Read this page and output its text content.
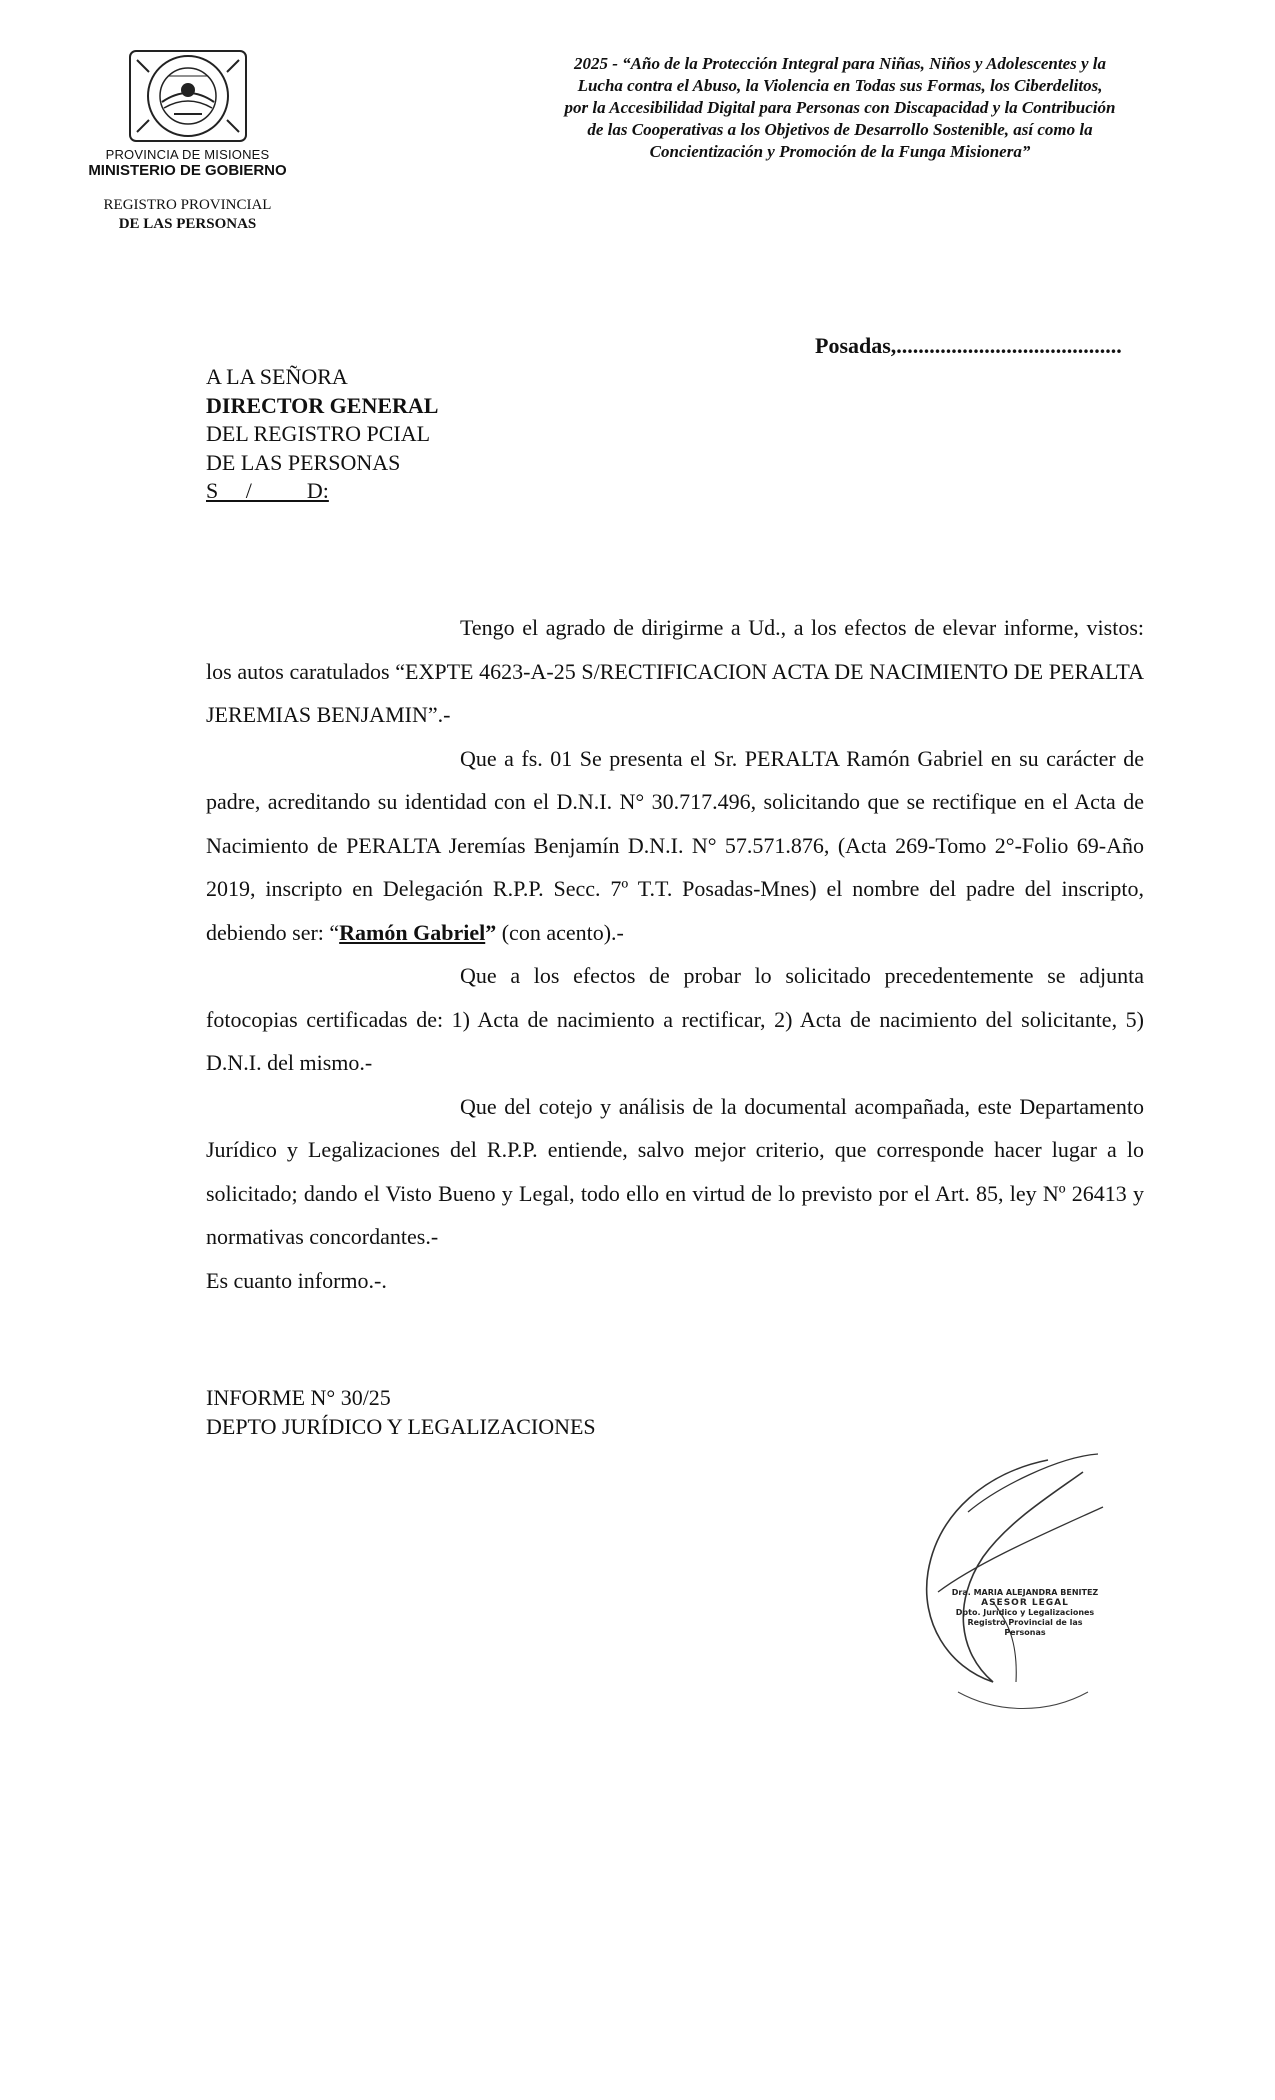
PROVINCIA DE MISIONES
MINISTERIO DE GOBIERNO
REGISTRO PROVINCIAL
DE LAS PERSONAS
2025 - “Año de la Protección Integral para Niñas, Niños y Adolescentes y la
Lucha contra el Abuso, la Violencia en Todas sus Formas, los Ciberdelitos,
por la Accesibilidad Digital para Personas con Discapacidad y la Contribución
de las Cooperativas a los Objetivos de Desarrollo Sostenible, así como la
Concientización y Promoción de la Funga Misionera”
Posadas,.........................................
A LA SEÑORA
DIRECTOR GENERAL
DEL REGISTRO PCIAL
DE LAS PERSONAS
S     /          D:

Tengo el agrado de dirigirme a Ud., a los efectos de elevar informe, vistos: los autos caratulados “EXPTE 4623-A-25 S/RECTIFICACION ACTA DE NACIMIENTO DE PERALTA JEREMIAS BENJAMIN”.-

Que a fs. 01 Se presenta el Sr. PERALTA Ramón Gabriel en su carácter de padre, acreditando su identidad con el D.N.I. N° 30.717.496, solicitando que se rectifique en el Acta de Nacimiento de PERALTA Jeremías Benjamín D.N.I. N° 57.571.876, (Acta 269-Tomo 2°-Folio 69-Año 2019, inscripto en Delegación R.P.P. Secc. 7º T.T. Posadas-Mnes) el nombre del padre del inscripto, debiendo ser: “Ramón Gabriel” (con acento).-

Que a los efectos de probar lo solicitado precedentemente se adjunta fotocopias certificadas de: 1) Acta de nacimiento a rectificar, 2) Acta de nacimiento del solicitante, 5) D.N.I. del mismo.-

Que del cotejo y análisis de la documental acompañada, este Departamento Jurídico y Legalizaciones del R.P.P. entiende, salvo mejor criterio, que corresponde hacer lugar a lo solicitado; dando el Visto Bueno y Legal, todo ello en virtud de lo previsto por el Art. 85, ley Nº 26413 y normativas concordantes.-

Es cuanto informo.-.

INFORME N° 30/25
DEPTO JURÍDICO Y LEGALIZACIONES
Dra. MARIA ALEJANDRA BENITEZ
ASESOR LEGAL
Dpto. Jurídico y Legalizaciones
Registro Provincial de las Personas
